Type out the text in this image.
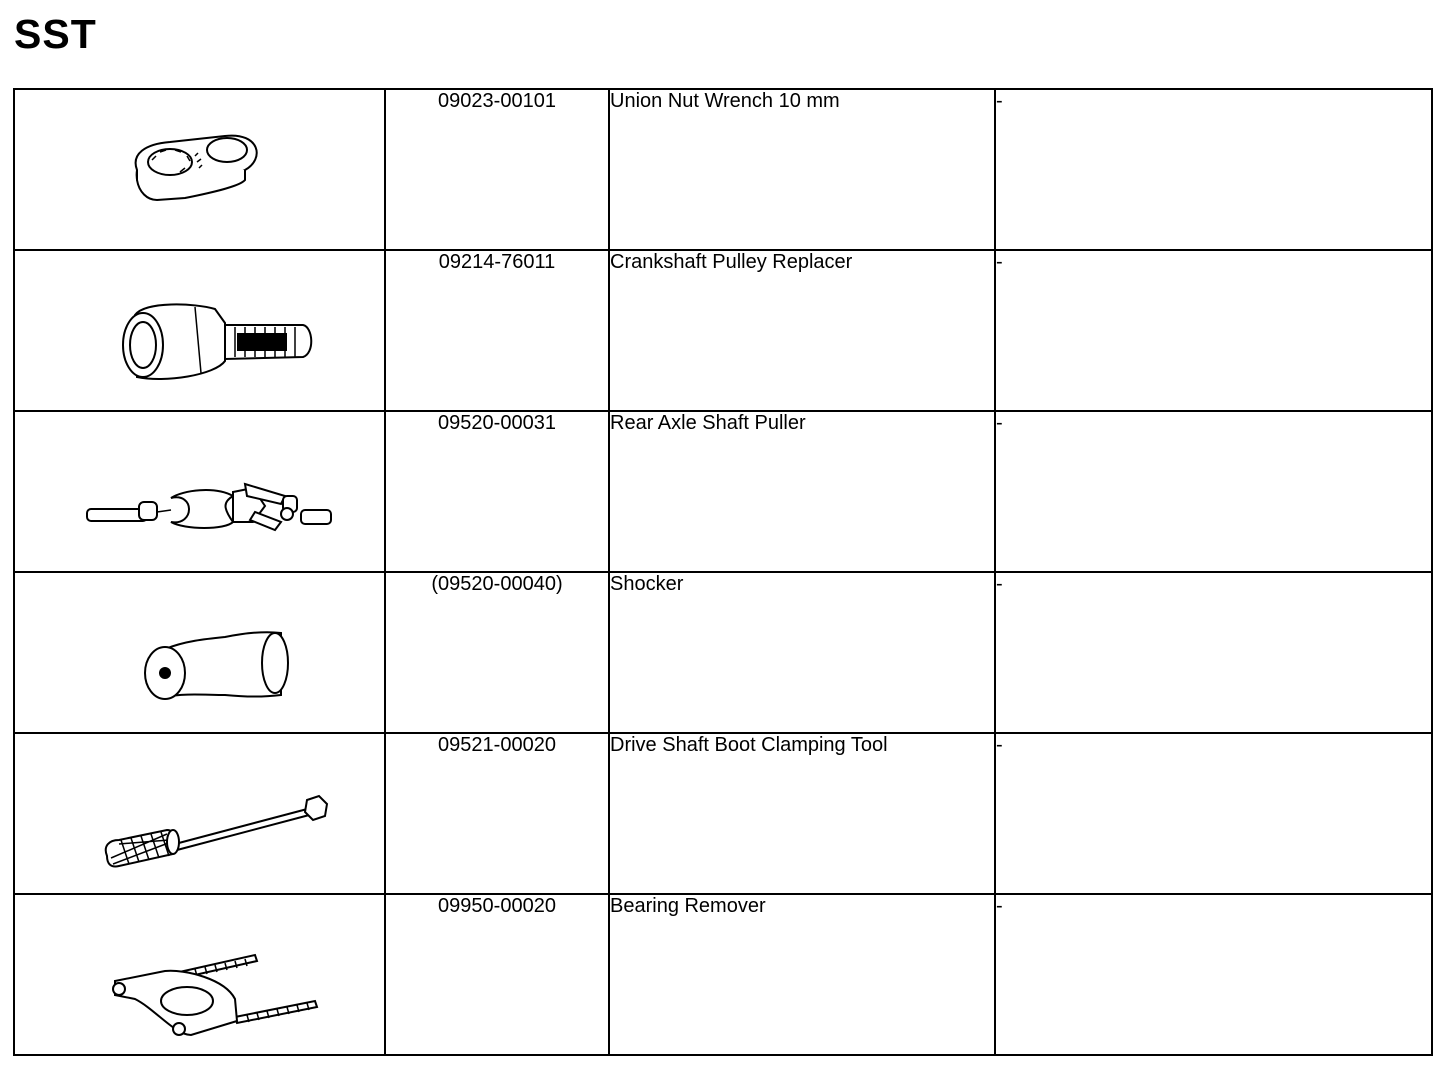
SST
	09023-00101	Union Nut Wrench 10 mm	-

	09214-76011	Crankshaft Pulley Replacer	-

	09520-00031	Rear Axle Shaft Puller	-

	(09520-00040)	Shocker	-

	09521-00020	Drive Shaft Boot Clamping Tool	-

	09950-00020	Bearing Remover	-
